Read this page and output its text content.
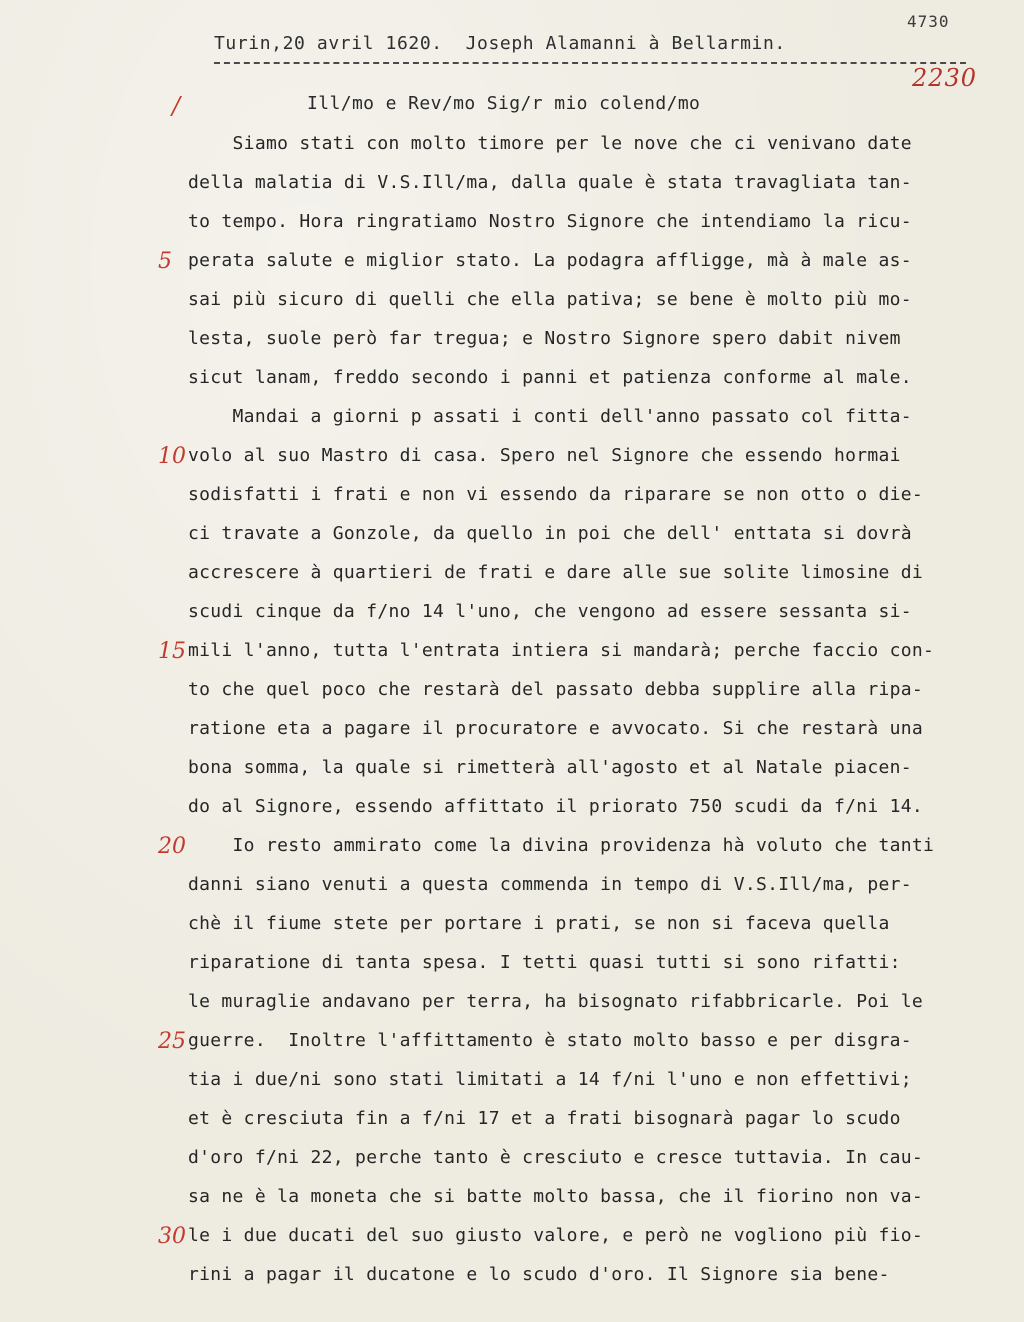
4730
Turin,20 avril 1620.  Joseph Alamanni à Bellarmin.
2230
/	Ill/mo e Rev/mo Sig/r mio colend/mo
Siamo stati con molto timore per le nove che ci venivano date
della malatia di V.S.Ill/ma, dalla quale è stata travagliata tan-
to tempo. Hora ringratiamo Nostro Signore che intendiamo la ricu-
perata salute e miglior stato. La podagra affligge, mà à male as-
sai più sicuro di quelli che ella pativa; se bene è molto più mo-
lesta, suole però far tregua; e Nostro Signore spero dabit nivem
sicut lanam, freddo secondo i panni et patienza conforme al male.
Mandai a giorni p assati i conti dell'anno passato col fitta-
volo al suo Mastro di casa. Spero nel Signore che essendo hormai
sodisfatti i frati e non vi essendo da riparare se non otto o die-
ci travate a Gonzole, da quello in poi che dell' enttata si dovrà
accrescere à quartieri de frati e dare alle sue solite limosine di
scudi cinque da f/no 14 l'uno, che vengono ad essere sessanta si-
mili l'anno, tutta l'entrata intiera si mandarà; perche faccio con-
to che quel poco che restarà del passato debba supplire alla ripa-
ratione eta a pagare il procuratore e avvocato. Si che restarà una
bona somma, la quale si rimetterà all'agosto et al Natale piacen-
do al Signore, essendo affittato il priorato 750 scudi da f/ni 14.
Io resto ammirato come la divina providenza hà voluto che tanti
danni siano venuti a questa commenda in tempo di V.S.Ill/ma, per-
chè il fiume stete per portare i prati, se non si faceva quella
riparatione di tanta spesa. I tetti quasi tutti si sono rifatti:
le muraglie andavano per terra, ha bisognato rifabbricarle. Poi le
guerre.  Inoltre l'affittamento è stato molto basso e per disgra-
tia i due/ni sono stati limitati a 14 f/ni l'uno e non effettivi;
et è cresciuta fin a f/ni 17 et a frati bisognarà pagar lo scudo
d'oro f/ni 22, perche tanto è cresciuto e cresce tuttavia. In cau-
sa ne è la moneta che si batte molto bassa, che il fiorino non va-
le i due ducati del suo giusto valore, e però ne vogliono più fio-
rini a pagar il ducatone e lo scudo d'oro. Il Signore sia bene-
5
10
15
20
25
30
